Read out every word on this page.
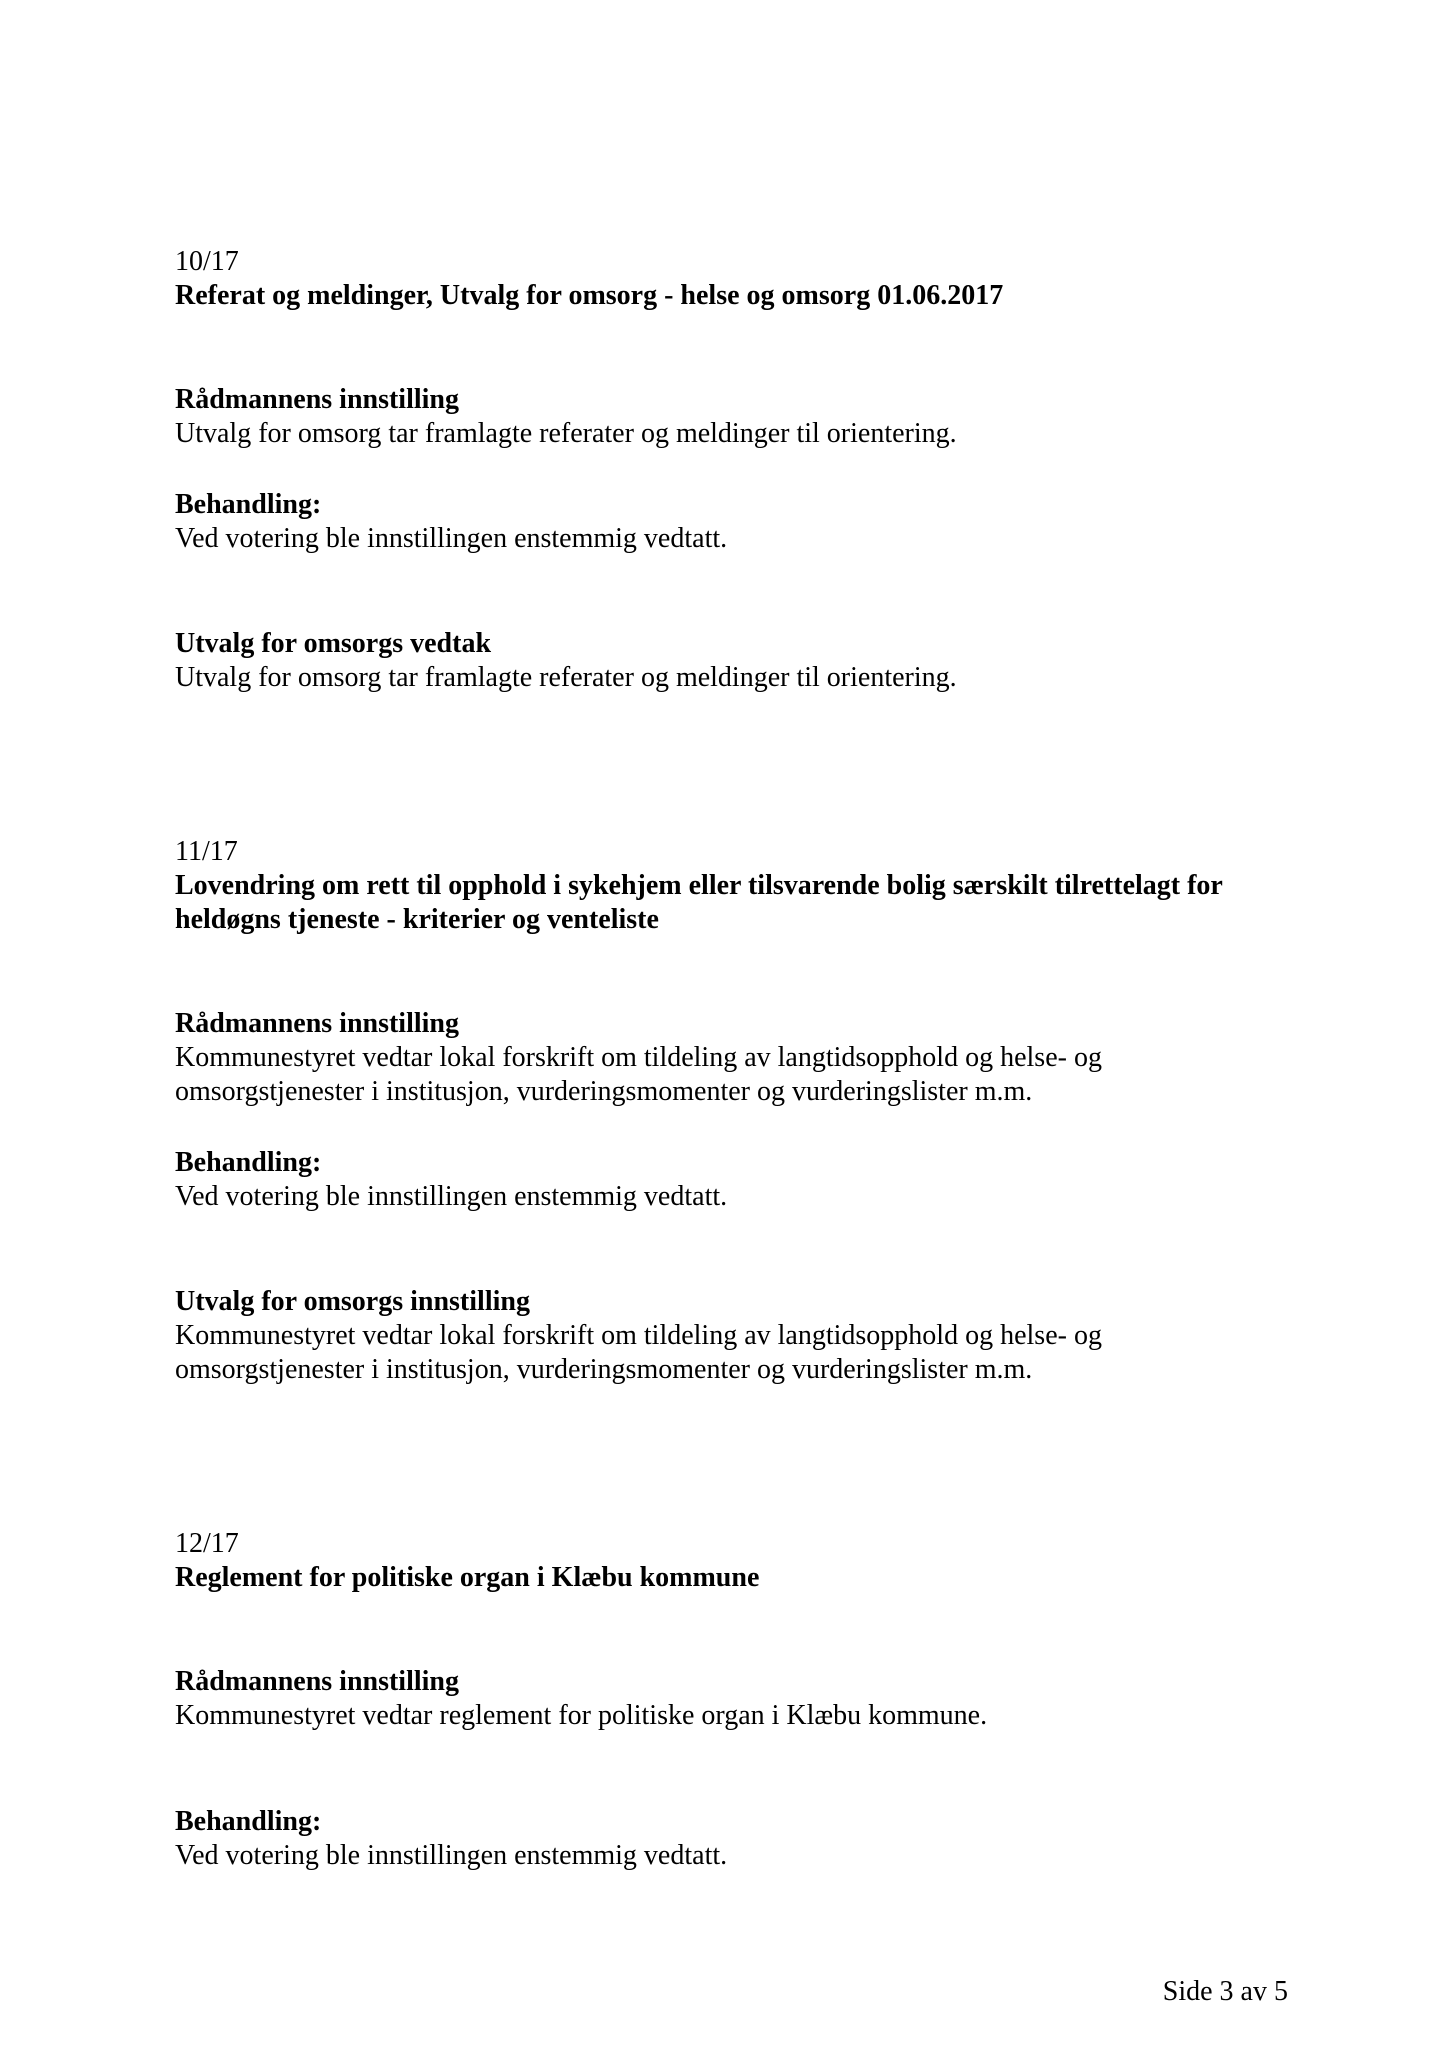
10/17

Referat og meldinger, Utvalg for omsorg - helse og omsorg 01.06.2017

Rådmannens innstilling

Utvalg for omsorg tar framlagte referater og meldinger til orientering.

Behandling:

Ved votering ble innstillingen enstemmig vedtatt.

Utvalg for omsorgs vedtak

Utvalg for omsorg tar framlagte referater og meldinger til orientering.

11/17

Lovendring om rett til opphold i sykehjem eller tilsvarende bolig særskilt tilrettelagt for

heldøgns tjeneste - kriterier og venteliste

Rådmannens innstilling

Kommunestyret vedtar lokal forskrift om tildeling av langtidsopphold og helse- og

omsorgstjenester i institusjon, vurderingsmomenter og vurderingslister m.m.

Behandling:

Ved votering ble innstillingen enstemmig vedtatt.

Utvalg for omsorgs innstilling

Kommunestyret vedtar lokal forskrift om tildeling av langtidsopphold og helse- og

omsorgstjenester i institusjon, vurderingsmomenter og vurderingslister m.m.

12/17

Reglement for politiske organ i Klæbu kommune

Rådmannens innstilling

Kommunestyret vedtar reglement for politiske organ i Klæbu kommune.

Behandling:

Ved votering ble innstillingen enstemmig vedtatt.

Side 3 av 5
